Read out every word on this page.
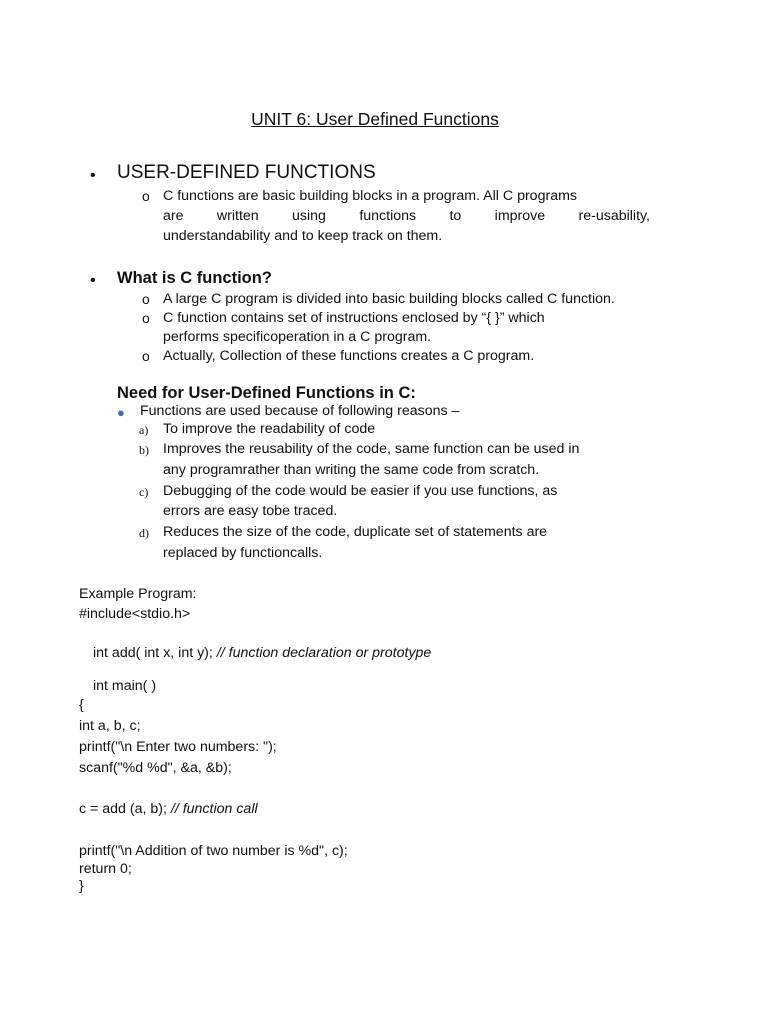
UNIT 6: User Defined Functions
• USER-DEFINED FUNCTIONS
o C functions are basic building blocks in a program. All C programs
are written using functions to improve re-usability,
understandability and to keep track on them.
• What is C function?
o A large C program is divided into basic building blocks called C function.
o C function contains set of instructions enclosed by “{ }” which
performs specificoperation in a C program.
o Actually, Collection of these functions creates a C program.
Need for User-Defined Functions in C:
● Functions are used because of following reasons –
a) To improve the readability of code
b) Improves the reusability of the code, same function can be used in
any programrather than writing the same code from scratch.
c) Debugging of the code would be easier if you use functions, as
errors are easy tobe traced.
d) Reduces the size of the code, duplicate set of statements are
replaced by functioncalls.
Example Program:
#include<stdio.h>
int add( int x, int y); // function declaration or prototype
int main( )
{
int a, b, c;
printf("\n Enter two numbers: ");
scanf("%d %d", &a, &b);
c = add (a, b); // function call
printf("\n Addition of two number is %d", c);
return 0;
}
